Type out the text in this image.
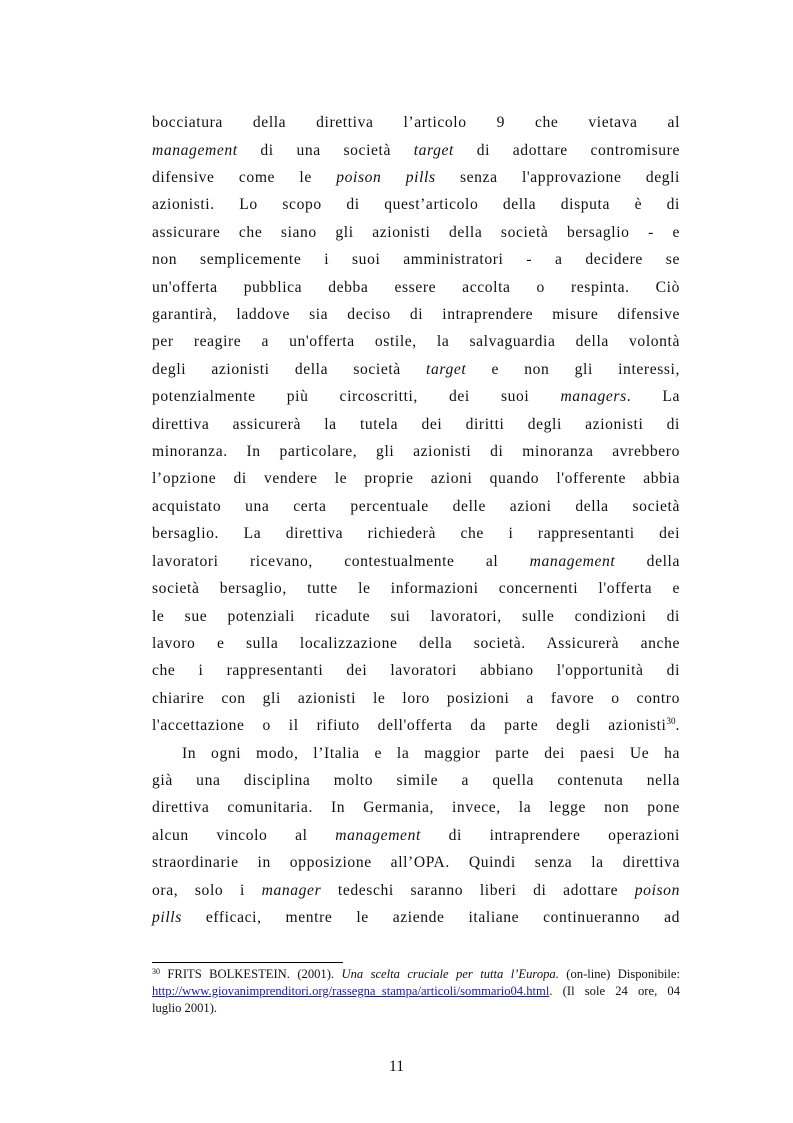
bocciatura della direttiva l’articolo 9 che vietava al
management di una società target di adottare contromisure
difensive come le poison pills senza l'approvazione degli
azionisti. Lo scopo di quest’articolo della disputa è di
assicurare che siano gli azionisti della società bersaglio - e
non semplicemente i suoi amministratori - a decidere se
un'offerta pubblica debba essere accolta o respinta. Ciò
garantirà, laddove sia deciso di intraprendere misure difensive
per reagire a un'offerta ostile, la salvaguardia della volontà
degli azionisti della società target e non gli interessi,
potenzialmente più circoscritti, dei suoi managers. La
direttiva assicurerà la tutela dei diritti degli azionisti di
minoranza. In particolare, gli azionisti di minoranza avrebbero
l’opzione di vendere le proprie azioni quando l'offerente abbia
acquistato una certa percentuale delle azioni della società
bersaglio. La direttiva richiederà che i rappresentanti dei
lavoratori ricevano, contestualmente al management della
società bersaglio, tutte le informazioni concernenti l'offerta e
le sue potenziali ricadute sui lavoratori, sulle condizioni di
lavoro e sulla localizzazione della società. Assicurerà anche
che i rappresentanti dei lavoratori abbiano l'opportunità di
chiarire con gli azionisti le loro posizioni a favore o contro
l'accettazione o il rifiuto dell'offerta da parte degli azionisti$^{30}$.
In ogni modo, l’Italia e la maggior parte dei paesi Ue ha
già una disciplina molto simile a quella contenuta nella
direttiva comunitaria. In Germania, invece, la legge non pone
alcun vincolo al management di intraprendere operazioni
straordinarie in opposizione all’OPA. Quindi senza la direttiva
ora, solo i manager tedeschi saranno liberi di adottare poison
pills efficaci, mentre le aziende italiane continueranno ad
$^{30}$ FRITS BOLKESTEIN. (2001). Una scelta cruciale per tutta l’Europa. (on-line) Disponibile:
http://www.giovanimprenditori.org/rassegna_stampa/articoli/sommario04.html. (Il sole 24 ore, 04
luglio 2001).
11
